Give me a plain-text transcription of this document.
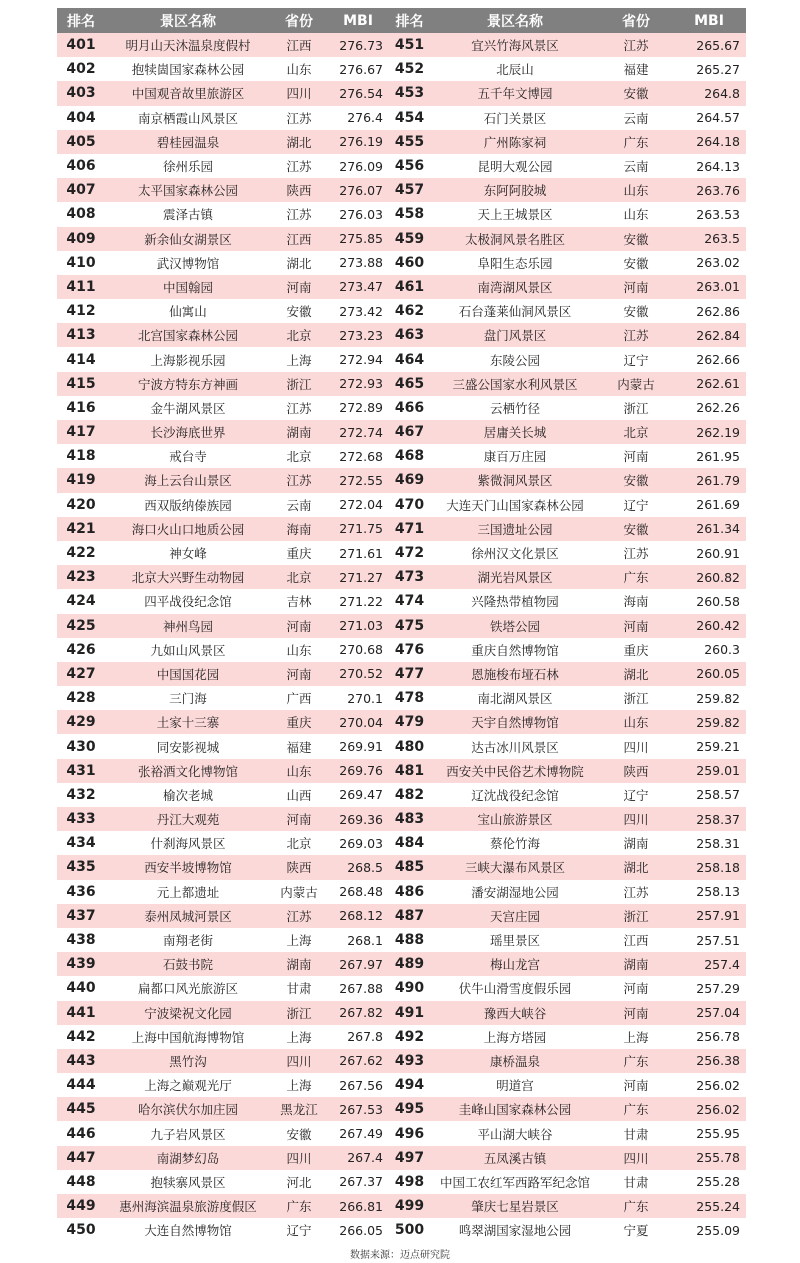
排名	景区名称	省份	MBI	排名	景区名称	省份	MBI
401	明月山天沐温泉度假村	江西	276.73	451	宜兴竹海风景区	江苏	265.67
402	抱犊崮国家森林公园	山东	276.67	452	北辰山	福建	265.27
403	中国观音故里旅游区	四川	276.54	453	五千年文博园	安徽	264.8
404	南京栖霞山风景区	江苏	276.4	454	石门关景区	云南	264.57
405	碧桂园温泉	湖北	276.19	455	广州陈家祠	广东	264.18
406	徐州乐园	江苏	276.09	456	昆明大观公园	云南	264.13
407	太平国家森林公园	陕西	276.07	457	东阿阿胶城	山东	263.76
408	震泽古镇	江苏	276.03	458	天上王城景区	山东	263.53
409	新余仙女湖景区	江西	275.85	459	太极洞风景名胜区	安徽	263.5
410	武汉博物馆	湖北	273.88	460	阜阳生态乐园	安徽	263.02
411	中国翰园	河南	273.47	461	南湾湖风景区	河南	263.01
412	仙寓山	安徽	273.42	462	石台蓬莱仙洞风景区	安徽	262.86
413	北宫国家森林公园	北京	273.23	463	盘门风景区	江苏	262.84
414	上海影视乐园	上海	272.94	464	东陵公园	辽宁	262.66
415	宁波方特东方神画	浙江	272.93	465	三盛公国家水利风景区	内蒙古	262.61
416	金牛湖风景区	江苏	272.89	466	云栖竹径	浙江	262.26
417	长沙海底世界	湖南	272.74	467	居庸关长城	北京	262.19
418	戒台寺	北京	272.68	468	康百万庄园	河南	261.95
419	海上云台山景区	江苏	272.55	469	紫微洞风景区	安徽	261.79
420	西双版纳傣族园	云南	272.04	470	大连天门山国家森林公园	辽宁	261.69
421	海口火山口地质公园	海南	271.75	471	三国遗址公园	安徽	261.34
422	神女峰	重庆	271.61	472	徐州汉文化景区	江苏	260.91
423	北京大兴野生动物园	北京	271.27	473	湖光岩风景区	广东	260.82
424	四平战役纪念馆	吉林	271.22	474	兴隆热带植物园	海南	260.58
425	神州鸟园	河南	271.03	475	铁塔公园	河南	260.42
426	九如山风景区	山东	270.68	476	重庆自然博物馆	重庆	260.3
427	中国国花园	河南	270.52	477	恩施梭布垭石林	湖北	260.05
428	三门海	广西	270.1	478	南北湖风景区	浙江	259.82
429	土家十三寨	重庆	270.04	479	天宇自然博物馆	山东	259.82
430	同安影视城	福建	269.91	480	达古冰川风景区	四川	259.21
431	张裕酒文化博物馆	山东	269.76	481	西安关中民俗艺术博物院	陕西	259.01
432	榆次老城	山西	269.47	482	辽沈战役纪念馆	辽宁	258.57
433	丹江大观苑	河南	269.36	483	宝山旅游景区	四川	258.37
434	什刹海风景区	北京	269.03	484	蔡伦竹海	湖南	258.31
435	西安半坡博物馆	陕西	268.5	485	三峡大瀑布风景区	湖北	258.18
436	元上都遗址	内蒙古	268.48	486	潘安湖湿地公园	江苏	258.13
437	泰州凤城河景区	江苏	268.12	487	天宫庄园	浙江	257.91
438	南翔老街	上海	268.1	488	瑶里景区	江西	257.51
439	石鼓书院	湖南	267.97	489	梅山龙宫	湖南	257.4
440	扁都口风光旅游区	甘肃	267.88	490	伏牛山滑雪度假乐园	河南	257.29
441	宁波梁祝文化园	浙江	267.82	491	豫西大峡谷	河南	257.04
442	上海中国航海博物馆	上海	267.8	492	上海方塔园	上海	256.78
443	黑竹沟	四川	267.62	493	康桥温泉	广东	256.38
444	上海之巅观光厅	上海	267.56	494	明道宫	河南	256.02
445	哈尔滨伏尔加庄园	黑龙江	267.53	495	圭峰山国家森林公园	广东	256.02
446	九子岩风景区	安徽	267.49	496	平山湖大峡谷	甘肃	255.95
447	南湖梦幻岛	四川	267.4	497	五凤溪古镇	四川	255.78
448	抱犊寨风景区	河北	267.37	498	中国工农红军西路军纪念馆	甘肃	255.28
449	惠州海滨温泉旅游度假区	广东	266.81	499	肇庆七星岩景区	广东	255.24
450	大连自然博物馆	辽宁	266.05	500	鸣翠湖国家湿地公园	宁夏	255.09
数据来源：迈点研究院
